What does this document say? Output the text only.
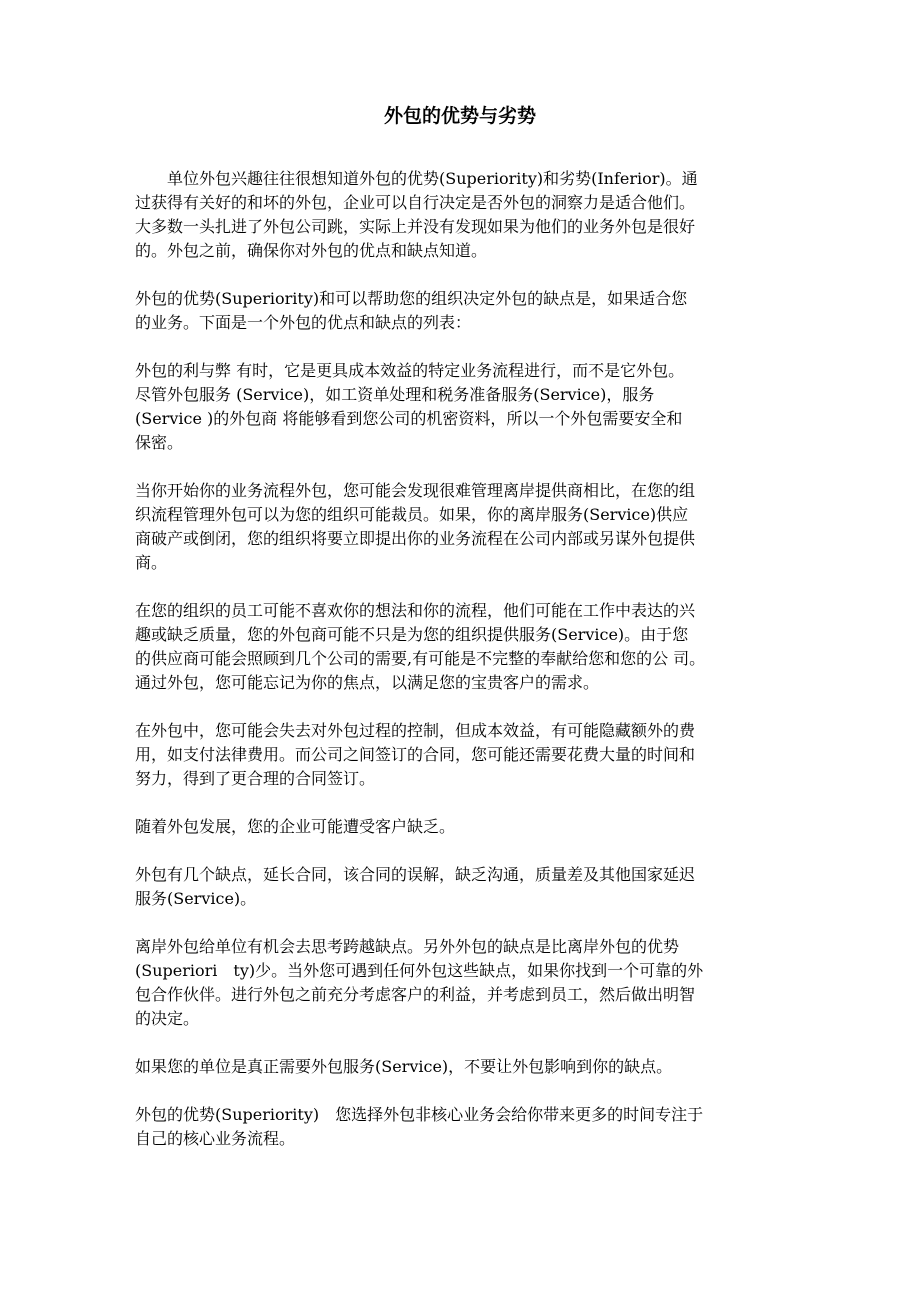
外包的优势与劣势
　　单位外包兴趣往往很想知道外包的优势(Superiority)和劣势(Inferior)。通
过获得有关好的和坏的外包，企业可以自行决定是否外包的洞察力是适合他们。
大多数一头扎进了外包公司跳，实际上并没有发现如果为他们的业务外包是很好
的。外包之前，确保你对外包的优点和缺点知道。
外包的优势(Superiority)和可以帮助您的组织决定外包的缺点是，如果适合您
的业务。下面是一个外包的优点和缺点的列表：
外包的利与弊 有时，它是更具成本效益的特定业务流程进行，而不是它外包。
尽管外包服务 (Service)，如工资单处理和税务准备服务(Service)，服务
(Service )的外包商 将能够看到您公司的机密资料，所以一个外包需要安全和
保密。
当你开始你的业务流程外包，您可能会发现很难管理离岸提供商相比，在您的组
织流程管理外包可以为您的组织可能裁员。如果，你的离岸服务(Service)供应
商破产或倒闭，您的组织将要立即提出你的业务流程在公司内部或另谋外包提供
商。
在您的组织的员工可能不喜欢你的想法和你的流程，他们可能在工作中表达的兴
趣或缺乏质量，您的外包商可能不只是为您的组织提供服务(Service)。由于您
的供应商可能会照顾到几个公司的需要,有可能是不完整的奉献给您和您的公 司。
通过外包，您可能忘记为你的焦点，以满足您的宝贵客户的需求。
在外包中，您可能会失去对外包过程的控制，但成本效益，有可能隐藏额外的费
用，如支付法律费用。而公司之间签订的合同，您可能还需要花费大量的时间和
努力，得到了更合理的合同签订。
随着外包发展，您的企业可能遭受客户缺乏。
外包有几个缺点，延长合同，该合同的误解，缺乏沟通，质量差及其他国家延迟
服务(Service)。
离岸外包给单位有机会去思考跨越缺点。另外外包的缺点是比离岸外包的优势
(Superiori　ty)少。当外您可遇到任何外包这些缺点，如果你找到一个可靠的外
包合作伙伴。进行外包之前充分考虑客户的利益，并考虑到员工，然后做出明智
的决定。
如果您的单位是真正需要外包服务(Service)，不要让外包影响到你的缺点。
外包的优势(Superiority)　您选择外包非核心业务会给你带来更多的时间专注于
自己的核心业务流程。
